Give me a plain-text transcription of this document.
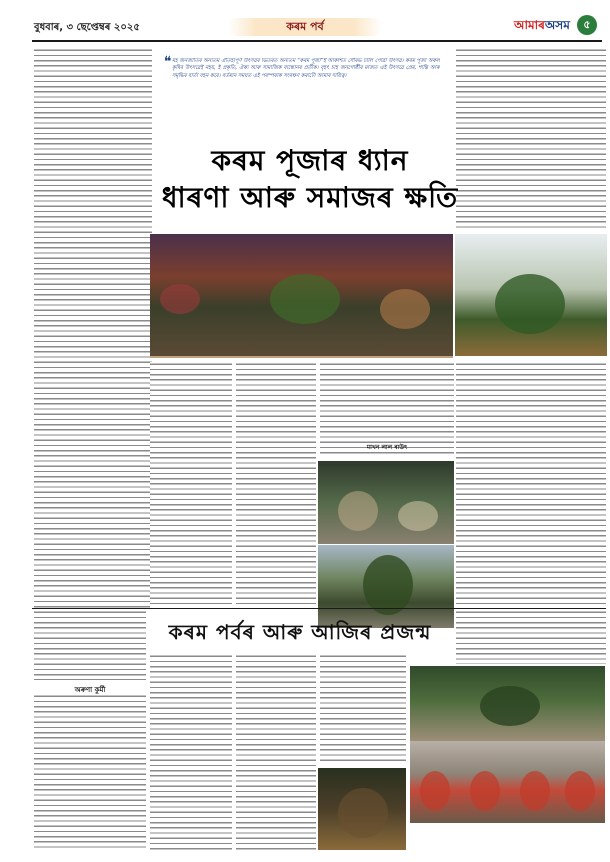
বুধবাৰ, ৩ ছেপ্তেম্বৰ ২০২৫	কৰম পৰ্ব	আমাৰঅসম	৫
❝ মহ জনজাতিৰ অন্যতম ঐতিহ্যপূৰ্ণ উৎসৱৰ ভিতৰত অন্যতম “কৰম পূজা”ই আকাশত সৌৰভ ঢালি পোৱা উৎসৱ। কৰম পূজা অকল কৃষিৰ উৎসৱেই নহয়, ই প্ৰকৃতি, ঐক্য আৰু সামাজিক বান্ধোনৰ প্ৰতীক। বৃহৎ চাহ জনগোষ্ঠীৰ মাজত এই উৎসৱে প্ৰেম, শান্তি আৰু সমৃদ্ধিৰ বাৰ্তা বহন কৰে। বৰ্তমান সময়ত এই পৰম্পৰাক সংৰক্ষণ কৰাটো আমাৰ দায়িত্ব।
কৰম পূজাৰ ধ্যান
ধাৰণা আৰু সমাজৰ ক্ষতি
মাখন লাল ৰাউৎ
কৰম পৰ্বৰ আৰু আজিৰ প্ৰজন্ম
অৰুণা কুৰ্মী
